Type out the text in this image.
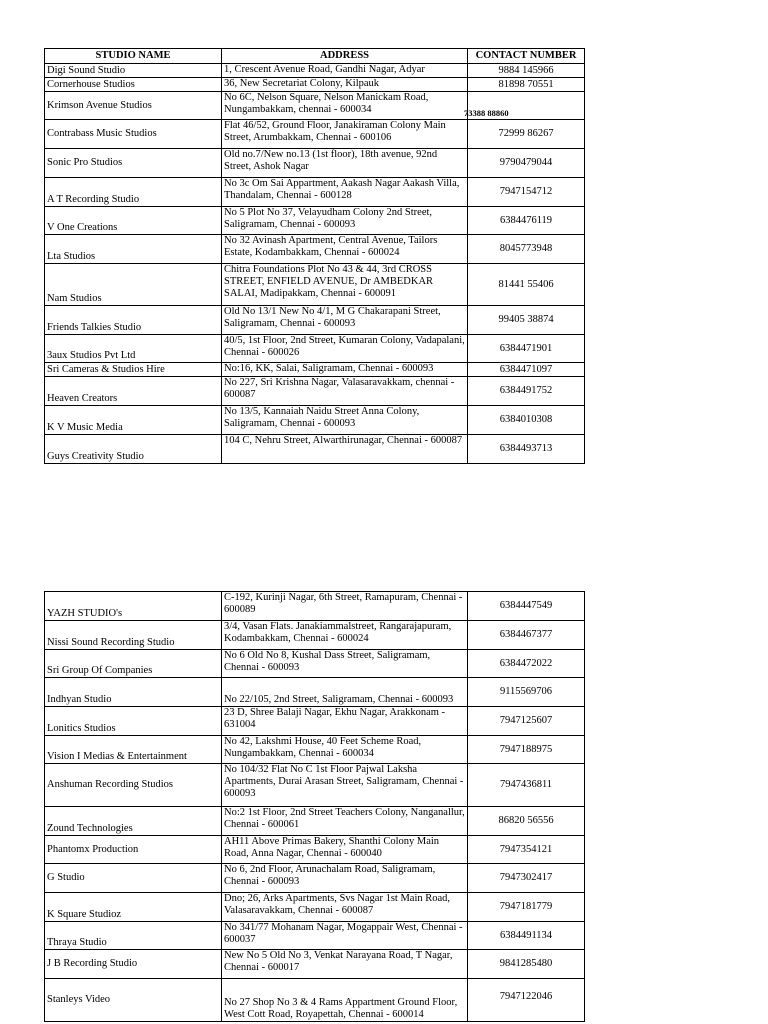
STUDIO NAME	ADDRESS	CONTACT NUMBER
Digi Sound Studio	1, Crescent Avenue Road, Gandhi Nagar, Adyar	9884 145966
Cornerhouse Studios	36, New Secretariat Colony, Kilpauk	81898 70551
Krimson Avenue Studios	No 6C, Nelson Square, Nelson Manickam Road, Nungambakkam, chennai - 600034	73388 88860

Contrabass Music Studios	Flat 46/52, Ground Floor, Janakiraman Colony Main Street, Arumbakkam, Chennai - 600106	72999 86267
Sonic Pro Studios	Old no.7/New no.13 (1st floor), 18th avenue, 92nd Street, Ashok Nagar	9790479044
A T Recording Studio	No 3c Om Sai Appartment, Aakash Nagar Aakash Villa, Thandalam, Chennai - 600128	7947154712
V One Creations	No 5 Plot No 37, Velayudham Colony 2nd Street, Saligramam, Chennai - 600093	6384476119
Lta Studios	No 32 Avinash Apartment, Central Avenue, Tailors Estate, Kodambakkam, Chennai - 600024	8045773948
Nam Studios	Chitra Foundations Plot No 43 & 44, 3rd CROSS STREET, ENFIELD AVENUE, Dr AMBEDKAR SALAI, Madipakkam, Chennai - 600091	81441 55406
Friends Talkies Studio	Old No 13/1 New No 4/1, M G Chakarapani Street, Saligramam, Chennai - 600093	99405 38874
3aux Studios Pvt Ltd	40/5, 1st Floor, 2nd Street, Kumaran Colony, Vadapalani, Chennai - 600026	6384471901
Sri Cameras & Studios Hire	No:16, KK, Salai, Saligramam, Chennai - 600093	6384471097
Heaven Creators	No 227, Sri Krishna Nagar, Valasaravakkam, chennai - 600087	6384491752
K V Music Media	No 13/5, Kannaiah Naidu Street Anna Colony, Saligramam, Chennai - 600093	6384010308
Guys Creativity Studio	104 C, Nehru Street, Alwarthirunagar, Chennai - 600087	6384493713
YAZH STUDIO's	C-192, Kurinji Nagar, 6th Street, Ramapuram, Chennai - 600089	6384447549
Nissi Sound Recording Studio	3/4, Vasan Flats. Janakiammalstreet, Rangarajapuram, Kodambakkam, Chennai - 600024	6384467377
Sri Group Of Companies	No 6 Old No 8, Kushal Dass Street, Saligramam, Chennai - 600093	6384472022
Indhyan Studio	No 22/105, 2nd Street, Saligramam, Chennai - 600093	9115569706
Lonitics Studios	23 D, Shree Balaji Nagar, Ekhu Nagar, Arakkonam - 631004	7947125607
Vision I Medias & Entertainment	No 42, Lakshmi House, 40 Feet Scheme Road, Nungambakkam, Chennai - 600034	7947188975
Anshuman Recording Studios	No 104/32 Flat No C 1st Floor Pajwal Laksha Apartments, Durai Arasan Street, Saligramam, Chennai - 600093	7947436811
Zound Technologies	No:2 1st Floor, 2nd Street Teachers Colony, Nanganallur, Chennai - 600061	86820 56556
Phantomx Production	AH11 Above Primas Bakery, Shanthi Colony Main Road, Anna Nagar, Chennai - 600040	7947354121
G Studio	No 6, 2nd Floor, Arunachalam Road, Saligramam, Chennai - 600093	7947302417
K Square Studioz	Dno; 26, Arks Apartments, Svs Nagar 1st Main Road, Valasaravakkam, Chennai - 600087	7947181779
Thraya Studio	No 341/77 Mohanam Nagar, Mogappair West, Chennai - 600037	6384491134
J B Recording Studio	New No 5 Old No 3, Venkat Narayana Road, T Nagar, Chennai - 600017	9841285480
Stanleys Video	No 27 Shop No 3 & 4 Rams Appartment Ground Floor, West Cott Road, Royapettah, Chennai - 600014	7947122046
